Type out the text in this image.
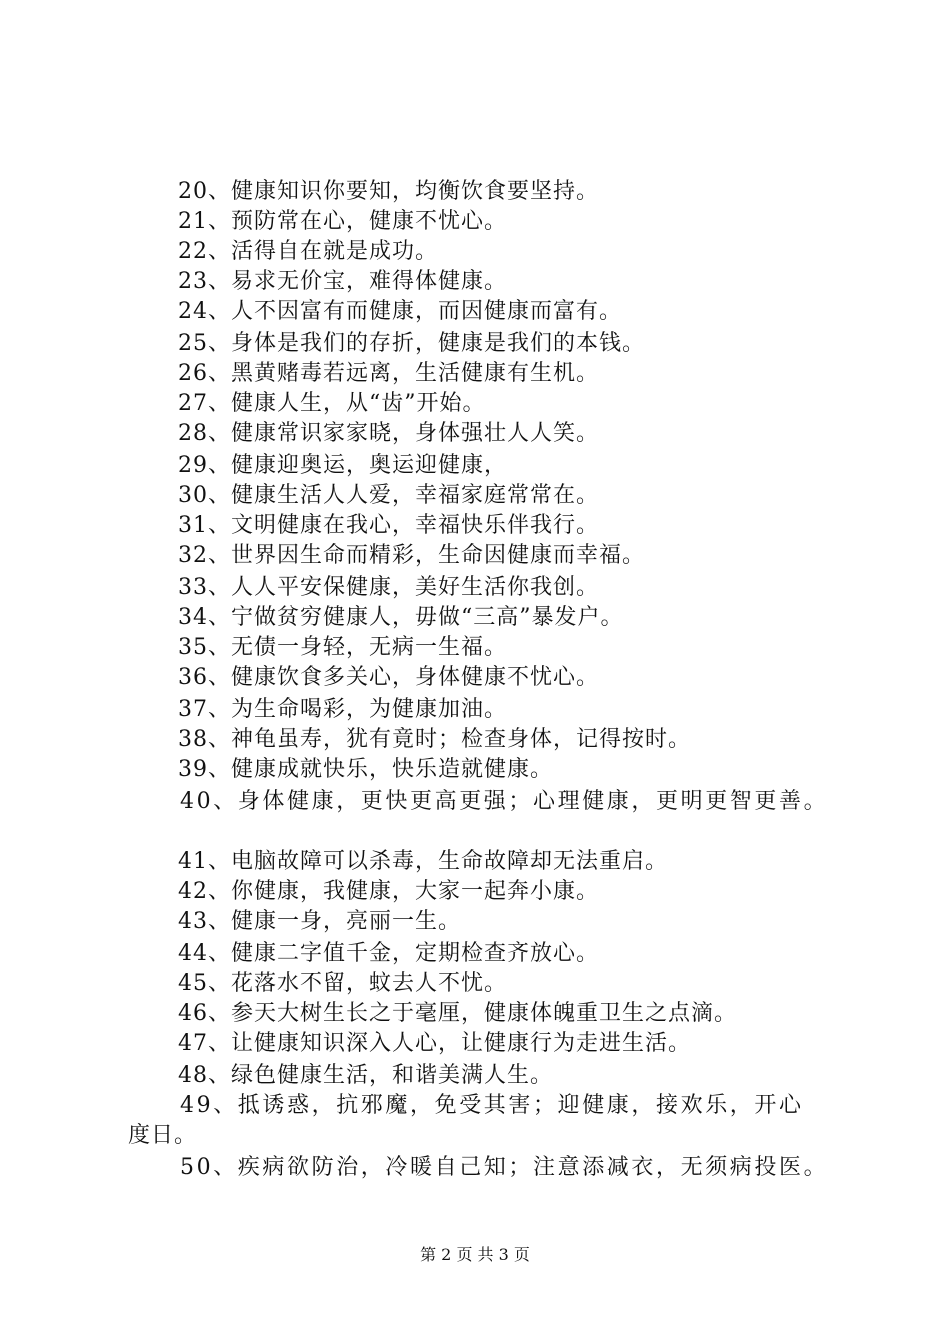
20、健康知识你要知，均衡饮食要坚持。
21、预防常在心，健康不忧心。
22、活得自在就是成功。
23、易求无价宝，难得体健康。
24、人不因富有而健康，而因健康而富有。
25、身体是我们的存折，健康是我们的本钱。
26、黑黄赌毒若远离，生活健康有生机。
27、健康人生，从“齿”开始。
28、健康常识家家晓，身体强壮人人笑。
29、健康迎奥运，奥运迎健康，
30、健康生活人人爱，幸福家庭常常在。
31、文明健康在我心，幸福快乐伴我行。
32、世界因生命而精彩，生命因健康而幸福。
33、人人平安保健康，美好生活你我创。
34、宁做贫穷健康人，毋做“三高”暴发户。
35、无债一身轻，无病一生福。
36、健康饮食多关心，身体健康不忧心。
37、为生命喝彩，为健康加油。
38、神龟虽寿，犹有竟时；检查身体，记得按时。
39、健康成就快乐，快乐造就健康。
40、身体健康，更快更高更强；心理健康，更明更智更善。
41、电脑故障可以杀毒，生命故障却无法重启。
42、你健康，我健康，大家一起奔小康。
43、健康一身，亮丽一生。
44、健康二字值千金，定期检查齐放心。
45、花落水不留，蚊去人不忧。
46、参天大树生长之于毫厘，健康体魄重卫生之点滴。
47、让健康知识深入人心，让健康行为走进生活。
48、绿色健康生活，和谐美满人生。
49、抵诱惑，抗邪魔，免受其害；迎健康，接欢乐，开心
度日。
50、疾病欲防治，冷暖自己知；注意添减衣，无须病投医。
第 2 页 共 3 页
